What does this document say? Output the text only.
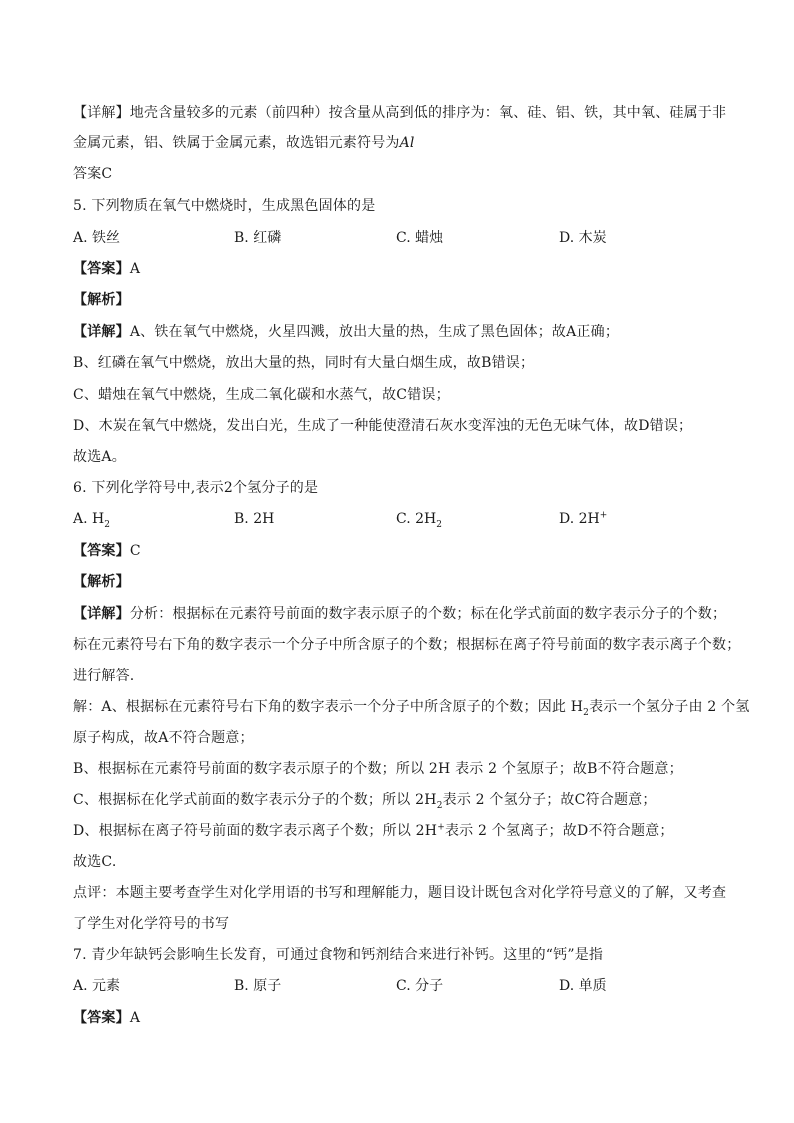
【详解】地壳含量较多的元素（前四种）按含量从高到低的排序为：氧、硅、铝、铁，其中氧、硅属于非
金属元素，铝、铁属于金属元素，故选铝元素符号为Al
答案C
5. 下列物质在氧气中燃烧时，生成黑色固体的是
A. 铁丝	B. 红磷	C. 蜡烛	D. 木炭
【答案】A
【解析】
【详解】A、铁在氧气中燃烧，火星四溅，放出大量的热，生成了黑色固体；故A正确；
B、红磷在氧气中燃烧，放出大量的热，同时有大量白烟生成，故B错误；
C、蜡烛在氧气中燃烧，生成二氧化碳和水蒸气，故C错误；
D、木炭在氧气中燃烧，发出白光，生成了一种能使澄清石灰水变浑浊的无色无味气体，故D错误；
故选A。
6. 下列化学符号中,表示2个氢分子的是
A. $H_2$	B. 2H	C. $2H_2$	D. 2H+
【答案】C
【解析】
【详解】分析：根据标在元素符号前面的数字表示原子的个数；标在化学式前面的数字表示分子的个数；
标在元素符号右下角的数字表示一个分子中所含原子的个数；根据标在离子符号前面的数字表示离子个数；
进行解答.
解：A、根据标在元素符号右下角的数字表示一个分子中所含原子的个数；因此 $H_2$表示一个氢分子由 2 个氢
原子构成，故A不符合题意；
B、根据标在元素符号前面的数字表示原子的个数；所以 2H 表示 2 个氢原子；故B不符合题意；
C、根据标在化学式前面的数字表示分子的个数；所以 $2H_2$表示 2 个氢分子；故C符合题意；
D、根据标在离子符号前面的数字表示离子个数；所以 2H+表示 2 个氢离子；故D不符合题意；
故选C.
点评：本题主要考查学生对化学用语的书写和理解能力，题目设计既包含对化学符号意义的了解，又考查
了学生对化学符号的书写
7. 青少年缺钙会影响生长发育，可通过食物和钙剂结合来进行补钙。这里的“钙”是指
A. 元素	B. 原子	C. 分子	D. 单质
【答案】A
